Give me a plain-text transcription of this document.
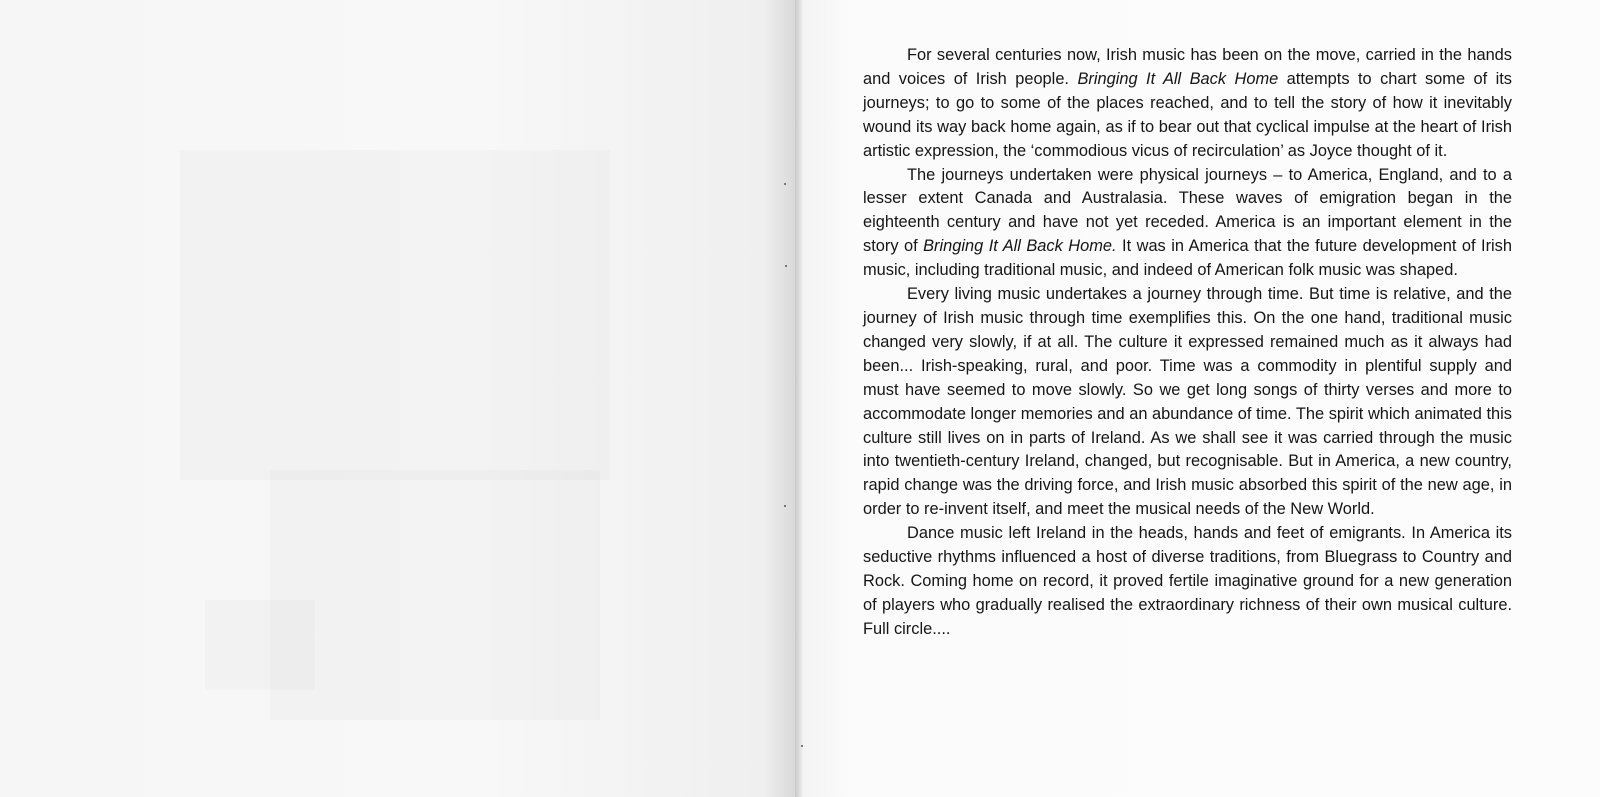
For several centuries now, Irish music has been on the move, carried in the hands and voices of Irish people. Bringing It All Back Home attempts to chart some of its journeys; to go to some of the places reached, and to tell the story of how it inevitably wound its way back home again, as if to bear out that cyclical impulse at the heart of Irish artistic expression, the ‘commodious vicus of recirculation’ as Joyce thought of it.

The journeys undertaken were physical journeys – to America, England, and to a lesser extent Canada and Australasia. These waves of emigration began in the eighteenth century and have not yet receded. America is an important element in the story of Bringing It All Back Home. It was in America that the future development of Irish music, including traditional music, and indeed of American folk music was shaped.

Every living music undertakes a journey through time. But time is relative, and the journey of Irish music through time exemplifies this. On the one hand, traditional music changed very slowly, if at all. The culture it expressed remained much as it always had been... Irish-speaking, rural, and poor. Time was a commodity in plentiful supply and must have seemed to move slowly. So we get long songs of thirty verses and more to accommodate longer memories and an abundance of time. The spirit which animated this culture still lives on in parts of Ireland. As we shall see it was carried through the music into twentieth-century Ireland, changed, but recognisable. But in America, a new country, rapid change was the driving force, and Irish music absorbed this spirit of the new age, in order to re-invent itself, and meet the musical needs of the New World.

Dance music left Ireland in the heads, hands and feet of emigrants. In America its seductive rhythms influenced a host of diverse traditions, from Bluegrass to Country and Rock. Coming home on record, it proved fertile imaginative ground for a new generation of players who gradually realised the extraordinary richness of their own musical culture. Full circle....
